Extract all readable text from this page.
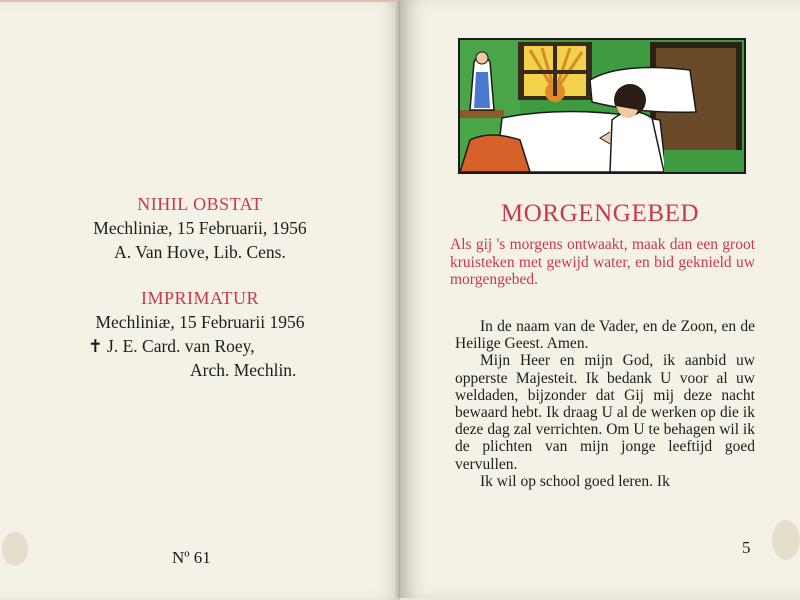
NIHIL OBSTAT
Mechliniæ, 15 Februarii, 1956
A. Van Hove, Lib. Cens.
IMPRIMATUR
Mechliniæ, 15 Februarii 1956
✝ J. E. Card. van Roey,
Arch. Mechlin.
Nº 61
MORGENGEBED
Als gij 's morgens ontwaakt, maak dan een groot kruisteken met gewijd water, en bid geknield uw morgengebed.

In de naam van de Vader, en de Zoon, en de Heilige Geest. Amen.

Mijn Heer en mijn God, ik aanbid uw opperste Majesteit. Ik bedank U voor al uw weldaden, bijzonder dat Gij mij deze nacht bewaard hebt. Ik draag U al de werken op die ik deze dag zal verrichten. Om U te behagen wil ik de plichten van mijn jonge leeftijd goed vervullen.

Ik wil op school goed leren. Ik

5
